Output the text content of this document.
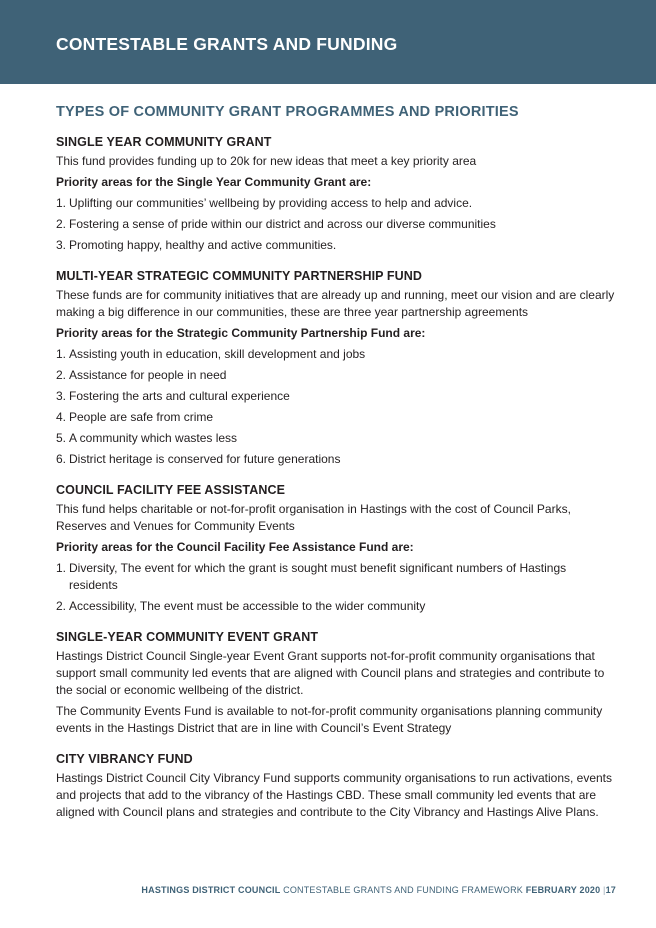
CONTESTABLE GRANTS AND FUNDING
TYPES OF COMMUNITY GRANT PROGRAMMES AND PRIORITIES
SINGLE YEAR COMMUNITY GRANT

This fund provides funding up to 20k for new ideas that meet a key priority area

Priority areas for the Single Year Community Grant are:

1. Uplifting our communities’ wellbeing by providing access to help and advice.
2. Fostering a sense of pride within our district and across our diverse communities
3. Promoting happy, healthy and active communities.
MULTI-YEAR STRATEGIC COMMUNITY PARTNERSHIP FUND

These funds are for community initiatives that are already up and running, meet our vision and are clearly making a big difference in our communities, these are three year partnership agreements

Priority areas for the Strategic Community Partnership Fund are:

1. Assisting youth in education, skill development and jobs
2. Assistance for people in need
3. Fostering the arts and cultural experience
4. People are safe from crime
5. A community which wastes less
6. District heritage is conserved for future generations
COUNCIL FACILITY FEE ASSISTANCE

This fund helps charitable or not-for-profit organisation in Hastings with the cost of Council Parks, Reserves and Venues for Community Events

Priority areas for the Council Facility Fee Assistance Fund are:

1. Diversity, The event for which the grant is sought must benefit significant numbers of Hastings residents
2. Accessibility, The event must be accessible to the wider community
SINGLE-YEAR COMMUNITY EVENT GRANT

Hastings District Council Single-year Event Grant supports not-for-profit community organisations that support small community led events that are aligned with Council plans and strategies and contribute to the social or economic wellbeing of the district.

The Community Events Fund is available to not-for-profit community organisations planning community events in the Hastings District that are in line with Council’s Event Strategy

CITY VIBRANCY FUND

Hastings District Council City Vibrancy Fund supports community organisations to run activations, events and projects that add to the vibrancy of the Hastings CBD. These small community led events that are aligned with Council plans and strategies and contribute to the City Vibrancy and Hastings Alive Plans.

HASTINGS DISTRICT COUNCIL CONTESTABLE GRANTS AND FUNDING FRAMEWORK FEBRUARY 2020 |17
